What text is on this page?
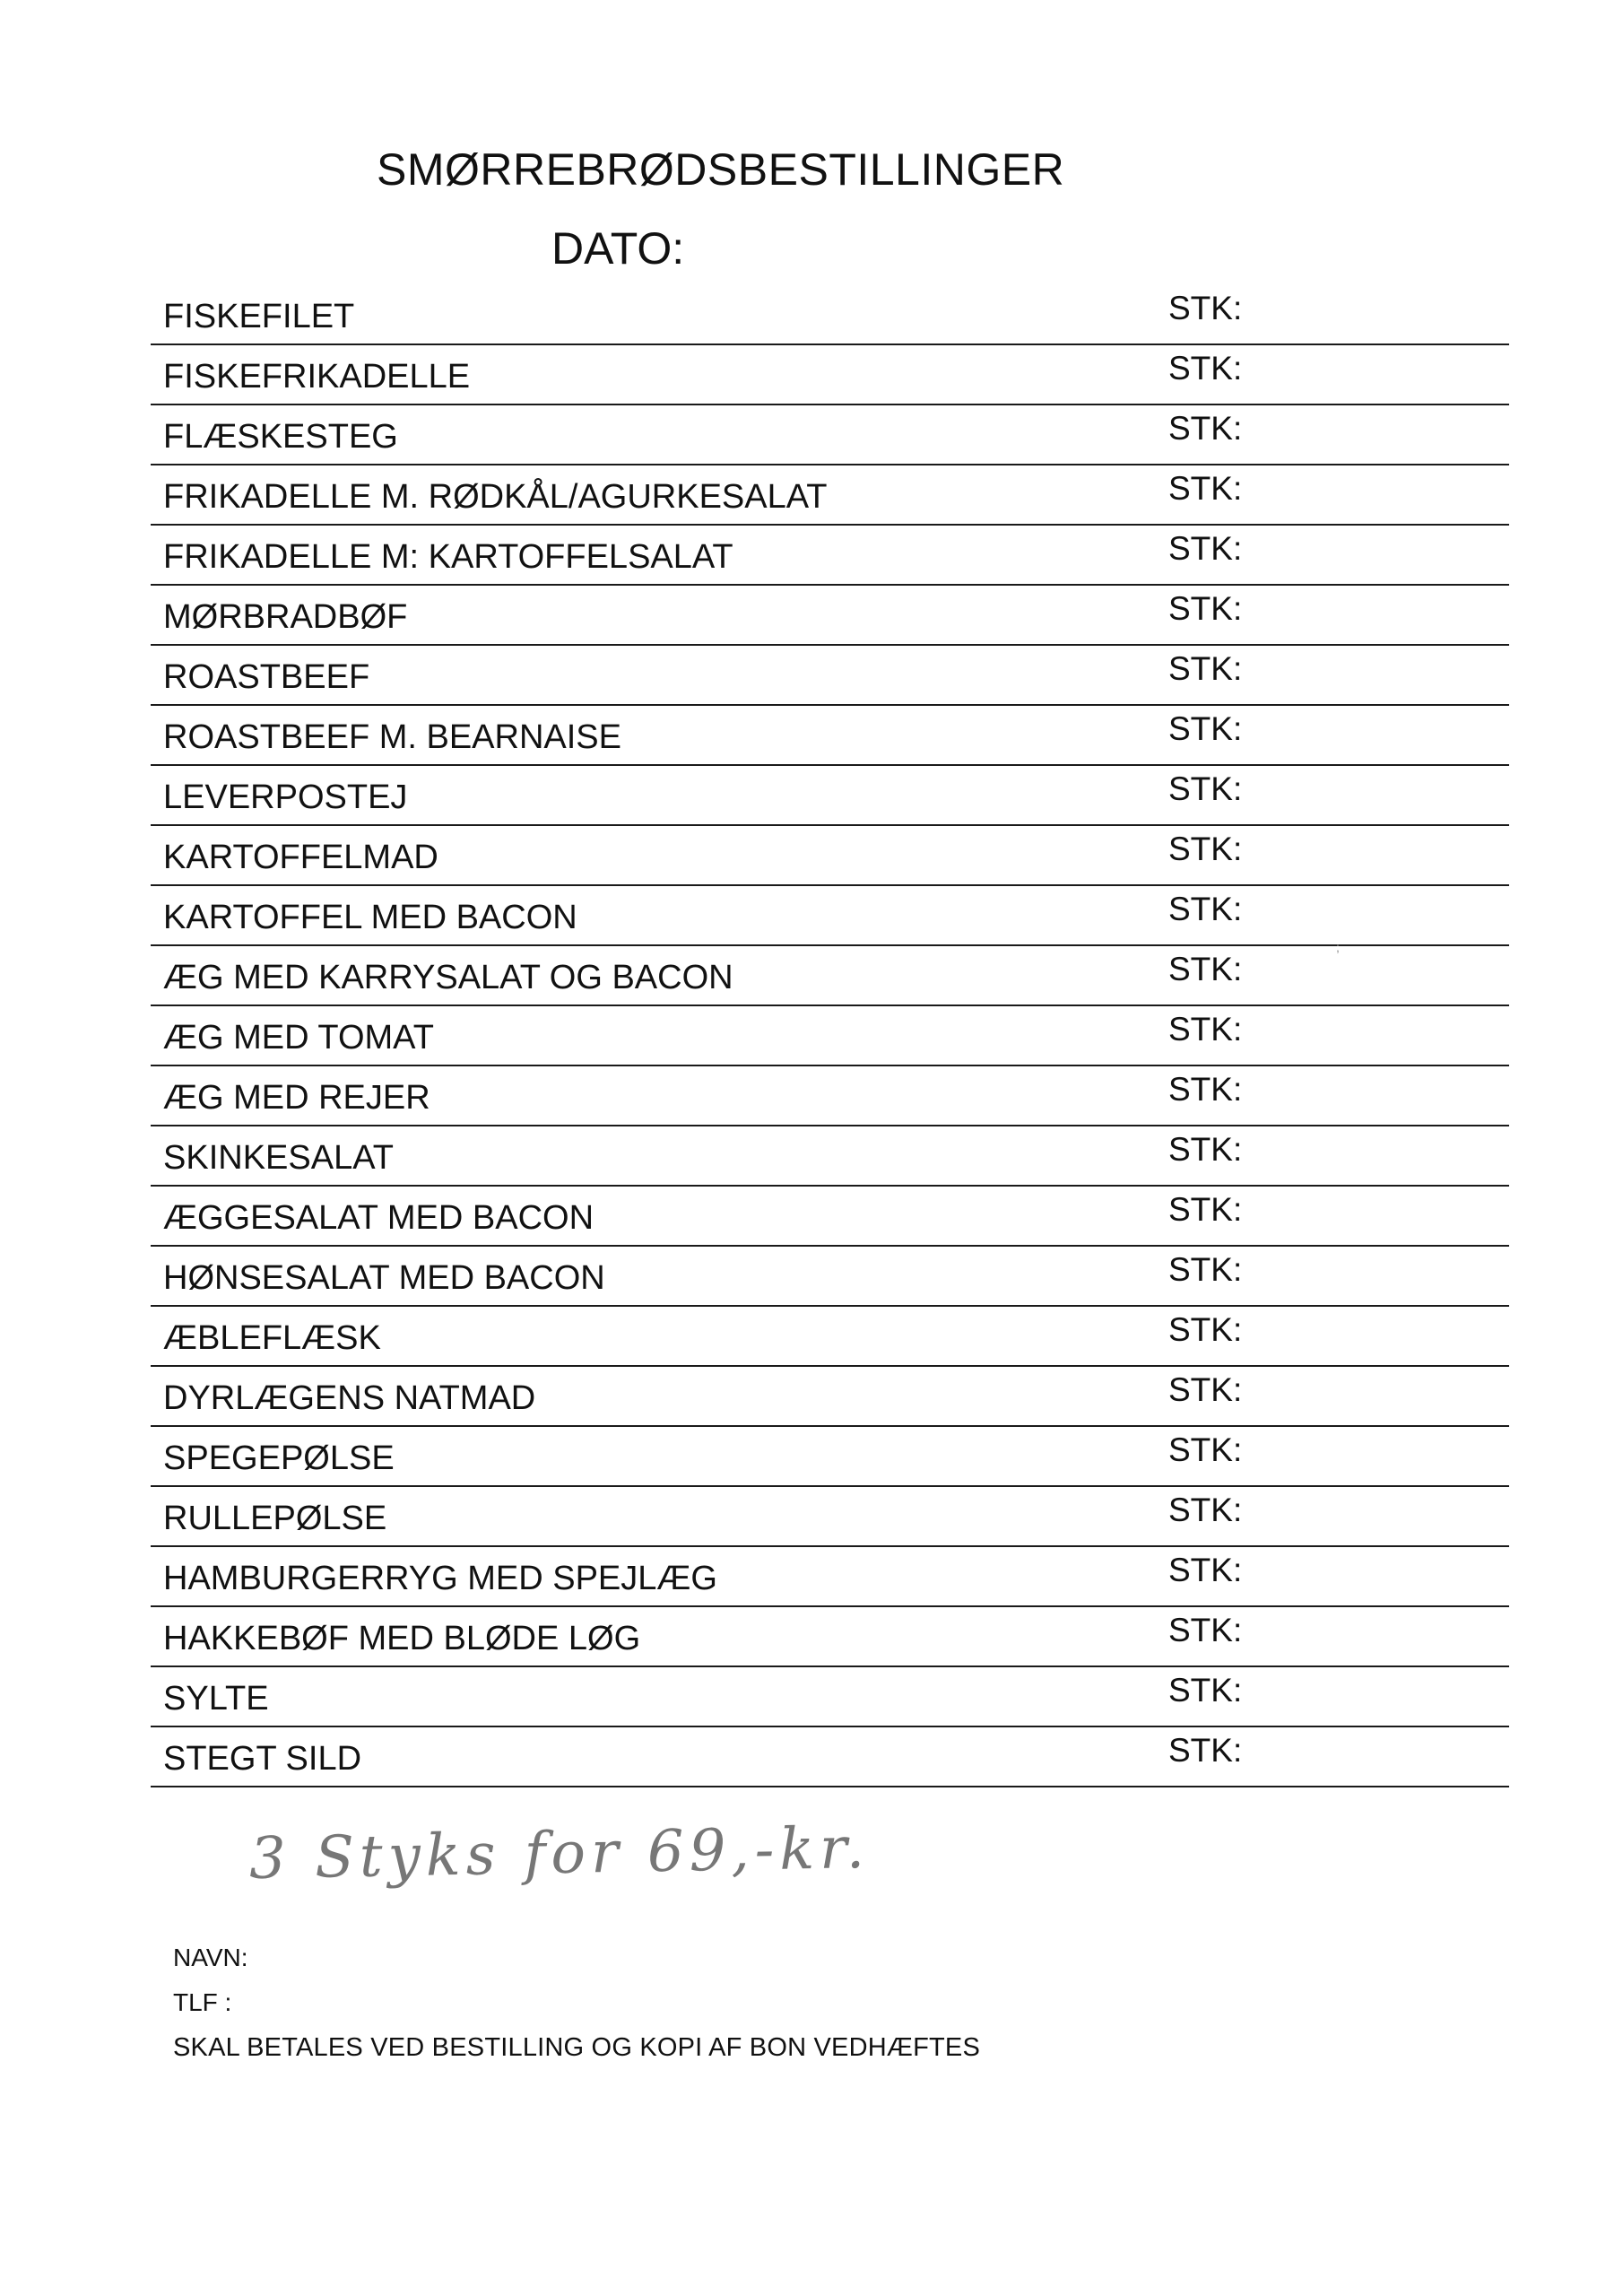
SMØRREBRØDSBESTILLINGER
DATO:
FISKEFILET	STK:
FISKEFRIKADELLE	STK:
FLÆSKESTEG	STK:
FRIKADELLE M. RØDKÅL/AGURKESALAT	STK:
FRIKADELLE M: KARTOFFELSALAT	STK:
MØRBRADBØF	STK:
ROASTBEEF	STK:
ROASTBEEF M. BEARNAISE	STK:
LEVERPOSTEJ	STK:
KARTOFFELMAD	STK:
KARTOFFEL MED BACON	STK:
ÆG MED KARRYSALAT OG BACON	STK:
ÆG MED TOMAT	STK:
ÆG MED REJER	STK:
SKINKESALAT	STK:
ÆGGESALAT MED BACON	STK:
HØNSESALAT MED BACON	STK:
ÆBLEFLÆSK	STK:
DYRLÆGENS NATMAD	STK:
SPEGEPØLSE	STK:
RULLEPØLSE	STK:
HAMBURGERRYG MED SPEJLÆG	STK:
HAKKEBØF MED BLØDE LØG	STK:
SYLTE	STK:
STEGT SILD	STK:
;
3 Styks for 69,-kr.
NAVN:
TLF :
SKAL BETALES VED BESTILLING OG KOPI AF BON VEDHÆFTES
